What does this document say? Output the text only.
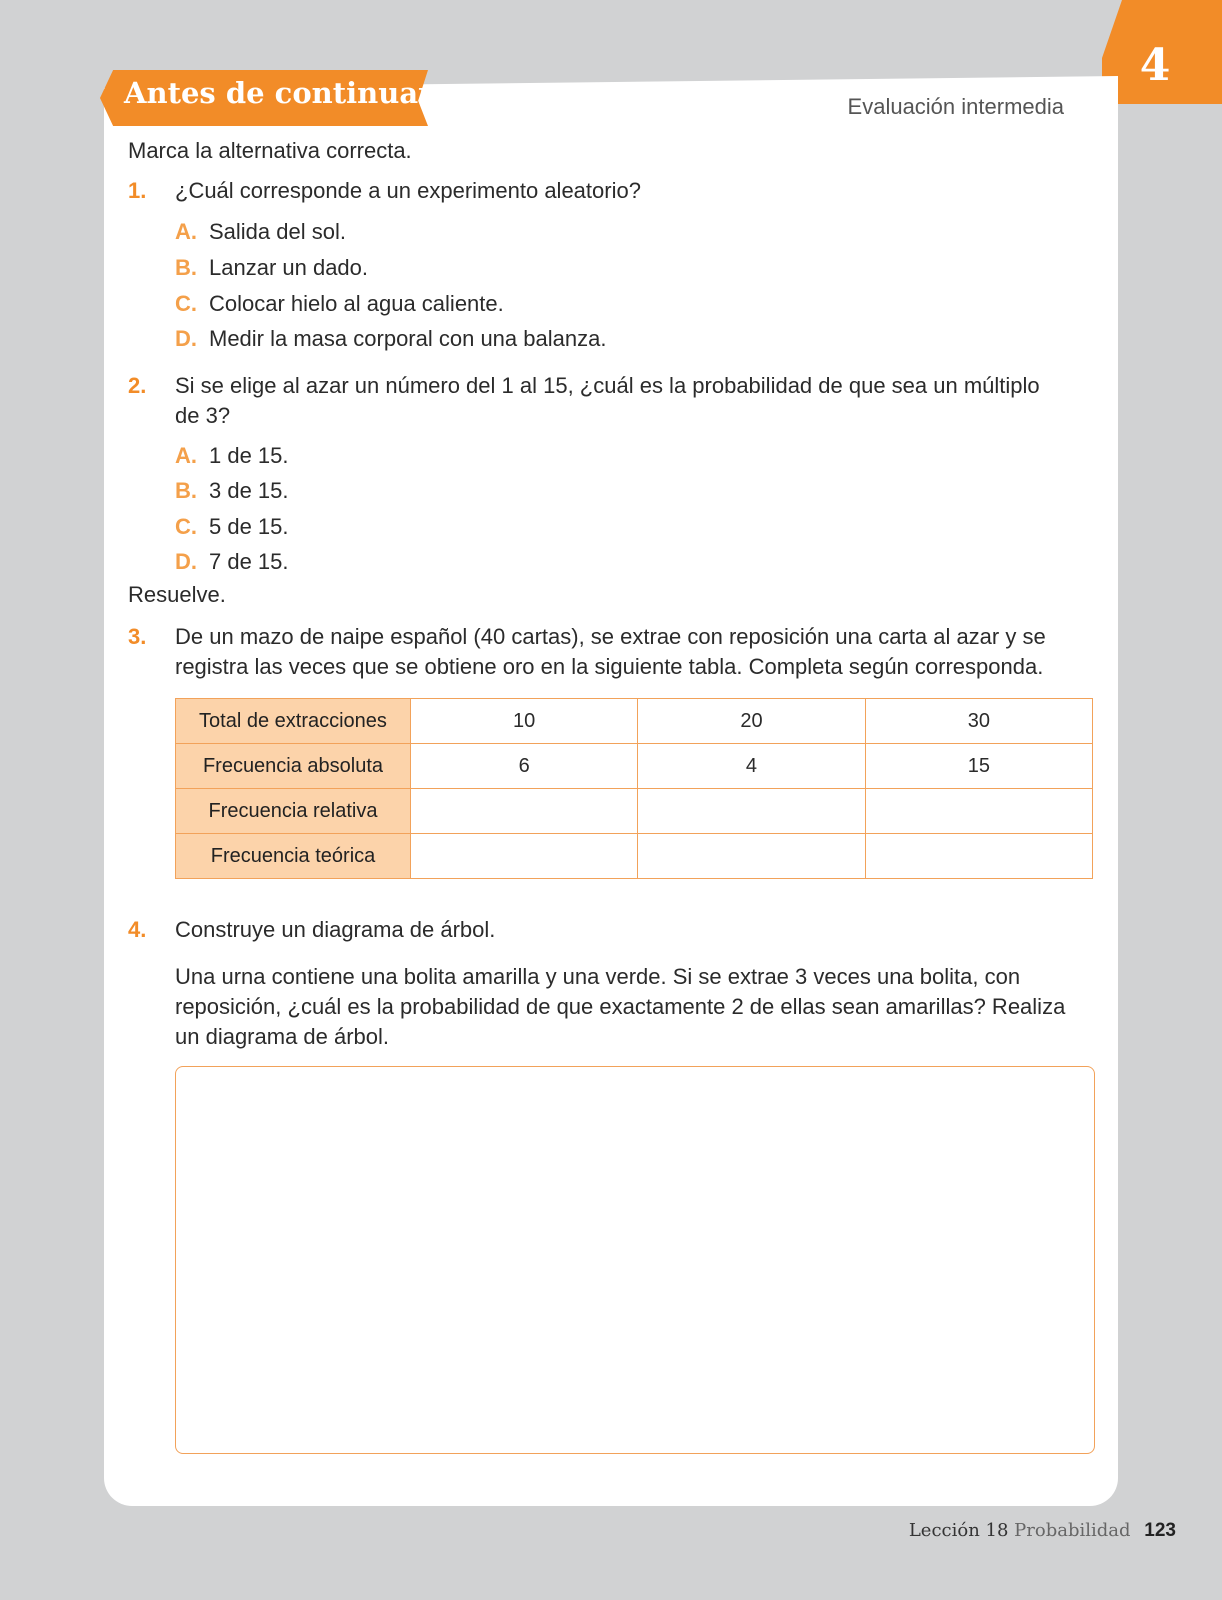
4
Antes de continuar	Evaluación intermedia
Marca la alternativa correcta.
1. ¿Cuál corresponde a un experimento aleatorio?
A. Salida del sol.
B. Lanzar un dado.
C. Colocar hielo al agua caliente.
D. Medir la masa corporal con una balanza.
2. Si se elige al azar un número del 1 al 15, ¿cuál es la probabilidad de que sea un múltiplo
de 3?
A. 1 de 15.
B. 3 de 15.
C. 5 de 15.
D. 7 de 15.
Resuelve.
3. De un mazo de naipe español (40 cartas), se extrae con reposición una carta al azar y se
registra las veces que se obtiene oro en la siguiente tabla. Completa según corresponda.
Total de extracciones	10	20	30
Frecuencia absoluta	6	4	15
Frecuencia relativa			
Frecuencia teórica			
4. Construye un diagrama de árbol.
Una urna contiene una bolita amarilla y una verde. Si se extrae 3 veces una bolita, con
reposición, ¿cuál es la probabilidad de que exactamente 2 de ellas sean amarillas? Realiza
un diagrama de árbol.
Lección 18 Probabilidad 123
